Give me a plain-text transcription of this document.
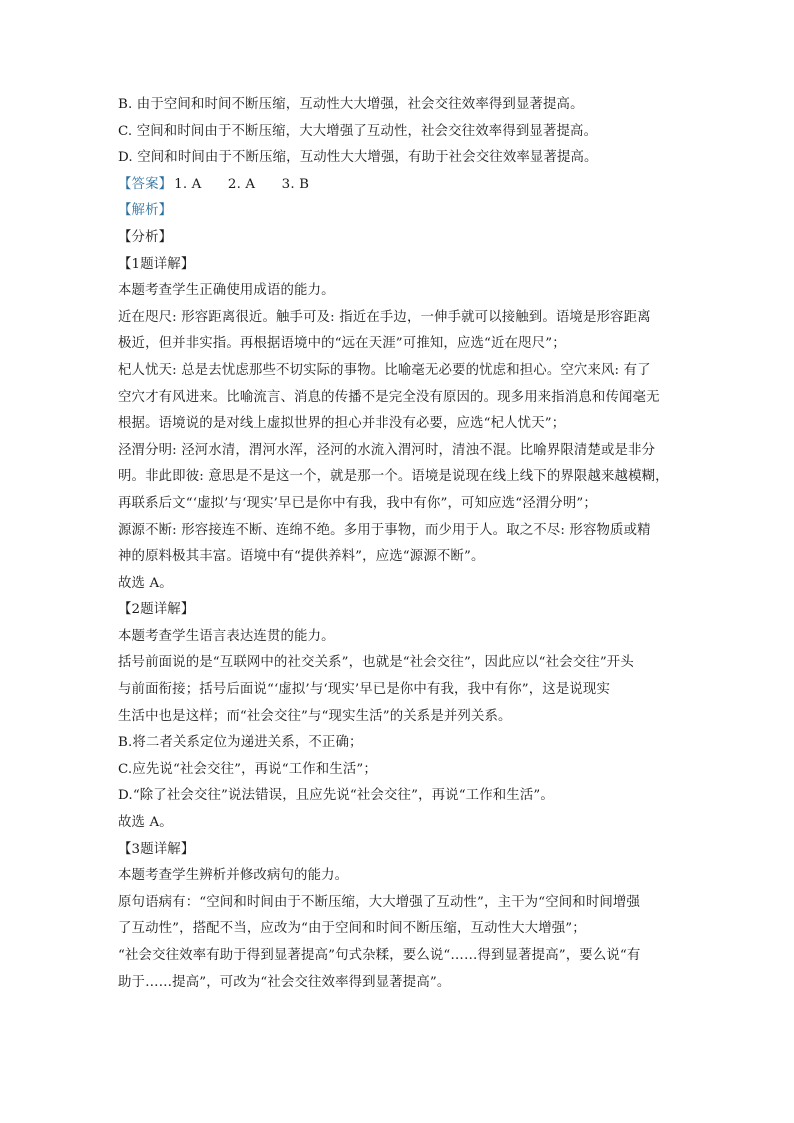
B. 由于空间和时间不断压缩，互动性大大增强，社会交往效率得到显著提高。
C. 空间和时间由于不断压缩，大大增强了互动性，社会交往效率得到显著提高。
D. 空间和时间由于不断压缩，互动性大大增强，有助于社会交往效率显著提高。
【答案】 1. A      2. A      3. B
【解析】
【分析】
【1题详解】
本题考查学生正确使用成语的能力。
近在咫尺: 形容距离很近。触手可及: 指近在手边，一伸手就可以接触到。语境是形容距离
极近，但并非实指。再根据语境中的“远在天涯”可推知，应选“近在咫尺”；
杞人忧天: 总是去忧虑那些不切实际的事物。比喻毫无必要的忧虑和担心。空穴来风: 有了
空穴才有风进来。比喻流言、消息的传播不是完全没有原因的。现多用来指消息和传闻毫无
根据。语境说的是对线上虚拟世界的担心并非没有必要，应选“杞人忧天”；
泾渭分明: 泾河水清，渭河水浑，泾河的水流入渭河时，清浊不混。比喻界限清楚或是非分
明。非此即彼: 意思是不是这一个，就是那一个。语境是说现在线上线下的界限越来越模糊，
再联系后文“‘虚拟’与‘现实’早已是你中有我，我中有你”，可知应选“泾渭分明”；
源源不断: 形容接连不断、连绵不绝。多用于事物，而少用于人。取之不尽: 形容物质或精
神的原料极其丰富。语境中有“提供养料”，应选“源源不断”。
故选 A。
【2题详解】
本题考查学生语言表达连贯的能力。
括号前面说的是“互联网中的社交关系”，也就是“社会交往”，因此应以“社会交往”开头
与前面衔接；括号后面说“‘虚拟’与‘现实’早已是你中有我，我中有你”，这是说现实
生活中也是这样；而“社会交往”与“现实生活”的关系是并列关系。
B.将二者关系定位为递进关系，不正确；
C.应先说“社会交往”，再说“工作和生活”；
D.“除了社会交往”说法错误，且应先说“社会交往”，再说“工作和生活”。
故选 A。
【3题详解】
本题考查学生辨析并修改病句的能力。
原句语病有：“空间和时间由于不断压缩，大大增强了互动性”，主干为“空间和时间增强
了互动性”，搭配不当，应改为“由于空间和时间不断压缩，互动性大大增强”；
“社会交往效率有助于得到显著提高”句式杂糅，要么说“……得到显著提高”，要么说“有
助于……提高”，可改为“社会交往效率得到显著提高”。
